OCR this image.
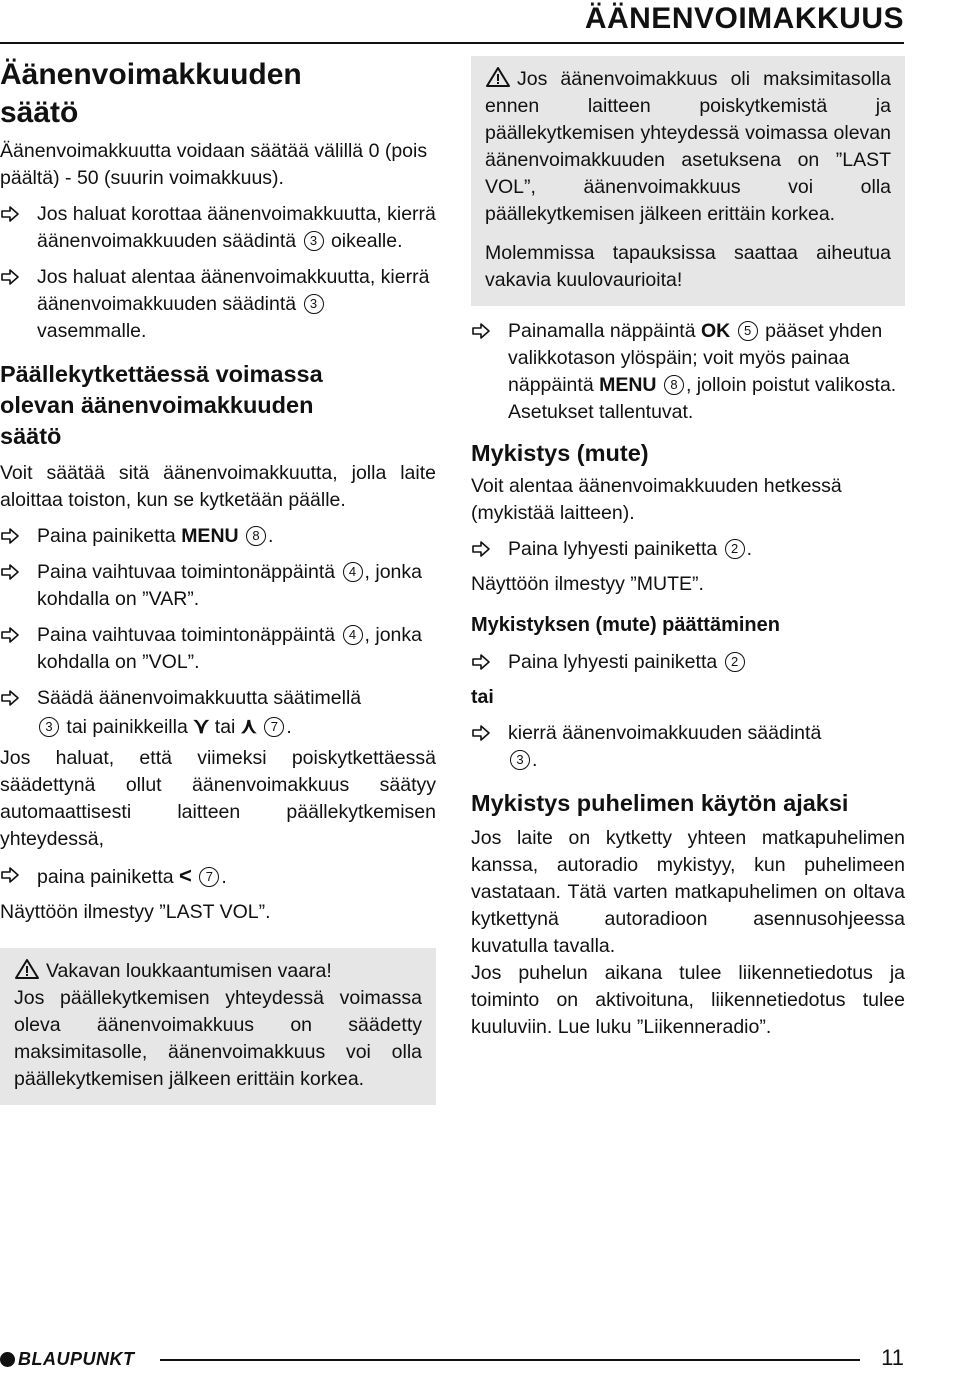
ÄÄNENVOIMAKKUUS
Äänenvoimakkuuden säätö

Äänenvoimakkuutta voidaan säätää välillä 0 (pois päältä) - 50 (suurin voimakkuus).

Jos haluat korottaa äänenvoimakkuutta, kierrä äänenvoimakkuuden säädintä 3 oikealle.
Jos haluat alentaa äänenvoimakkuutta, kierrä äänenvoimakkuuden säädintä 3 vasemmalle.
Päällekytkettäessä voimassa olevan äänenvoimakkuuden säätö

Voit säätää sitä äänenvoimakkuutta, jolla laite aloittaa toiston, kun se kytketään päälle.

Paina painiketta MENU 8 .
Paina vaihtuvaa toimintonäppäintä 4 , jonka kohdalla on ”VAR”.
Paina vaihtuvaa toimintonäppäintä 4 , jonka kohdalla on ”VOL”.
Säädä äänenvoimakkuutta säätimellä
3 tai painikkeilla ⋎ tai ⋏ 7 .

Jos haluat, että viimeksi poiskytkettäessä säädettynä ollut äänenvoimakkuus säätyy automaattisesti laitteen päällekytkemisen yhteydessä,

paina painiketta < 7 .

Näyttöön ilmestyy ”LAST VOL”.

Vakavan loukkaantumisen vaara!

Jos päällekytkemisen yhteydessä voimassa oleva äänenvoimakkuus on säädetty maksimitasolle, äänenvoimakkuus voi olla päällekytkemisen jälkeen erittäin korkea.

Jos äänenvoimakkuus oli maksimitasolla ennen laitteen poiskytkemistä ja päällekytkemisen yhteydessä voimassa olevan äänenvoimakkuuden asetuksena on ”LAST VOL”, äänenvoimakkuus voi olla päällekytkemisen jälkeen erittäin korkea.

Molemmissa tapauksissa saattaa aiheutua vakavia kuulovaurioita!

Painamalla näppäintä OK 5 pääset yhden valikkotason ylöspäin; voit myös painaa näppäintä MENU 8 , jolloin poistut valikosta. Asetukset tallentuvat.
Mykistys (mute)

Voit alentaa äänenvoimakkuuden hetkessä (mykistää laitteen).

Paina lyhyesti painiketta 2 .

Näyttöön ilmestyy ”MUTE”.

Mykistyksen (mute) päättäminen
Paina lyhyesti painiketta 2

tai

kierrä äänenvoimakkuuden säädintä
3 .
Mykistys puhelimen käytön ajaksi

Jos laite on kytketty yhteen matkapuhelimen kanssa, autoradio mykistyy, kun puhelimeen vastataan. Tätä varten matkapuhelimen on oltava kytkettynä autoradioon asennusohjeessa kuvatulla tavalla.

Jos puhelun aikana tulee liikennetiedotus ja toiminto on aktivoituna, liikennetiedotus tulee kuuluviin. Lue luku ”Liikenneradio”.

BLAUPUNKT	11
